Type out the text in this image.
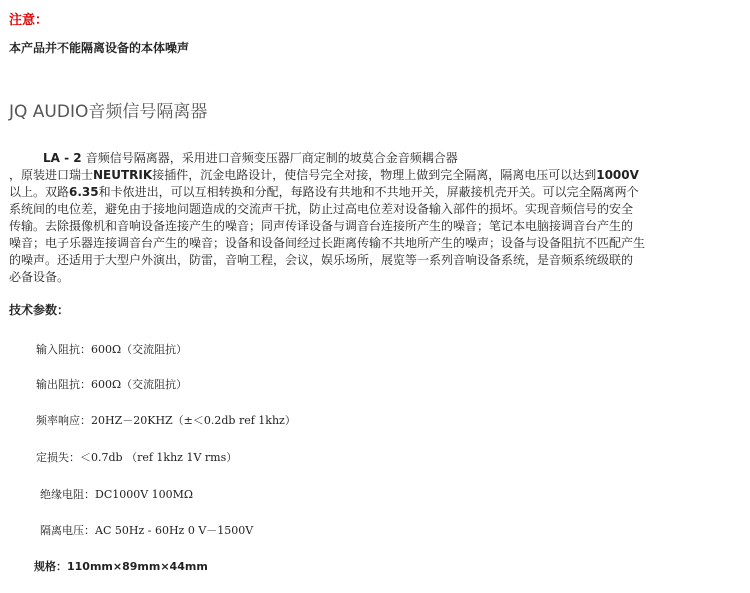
注意：
本产品并不能隔离设备的本体噪声
JQ AUDIO音频信号隔离器
LA - 2 音频信号隔离器，采用进口音频变压器厂商定制的坡莫合金音频耦合器
，原装进口瑞士NEUTRIK接插件，沉金电路设计，使信号完全对接，物理上做到完全隔离，隔离电压可以达到1000V
以上。双路6.35和卡侬进出，可以互相转换和分配，每路设有共地和不共地开关，屏蔽接机壳开关。可以完全隔离两个
系统间的电位差，避免由于接地问题造成的交流声干扰，防止过高电位差对设备输入部件的损坏。实现音频信号的安全
传输。去除摄像机和音响设备连接产生的噪音；同声传译设备与调音台连接所产生的噪音；笔记本电脑接调音台产生的
噪音；电子乐器连接调音台产生的噪音；设备和设备间经过长距离传输不共地所产生的噪声；设备与设备阻抗不匹配产生
的噪声。还适用于大型户外演出，防雷，音响工程，会议，娱乐场所，展览等一系列音响设备系统，是音频系统级联的
必备设备。
技术参数：
输入阻抗：600Ω（交流阻抗）
输出阻抗：600Ω（交流阻抗）
频率响应：20HZ－20KHZ（±＜0.2db ref 1khz）
定损失：＜0.7db （ref 1khz 1V rms）
绝缘电阻：DC1000V 100MΩ
隔离电压：AC 50Hz - 60Hz 0 V－1500V
规格：110mm×89mm×44mm
